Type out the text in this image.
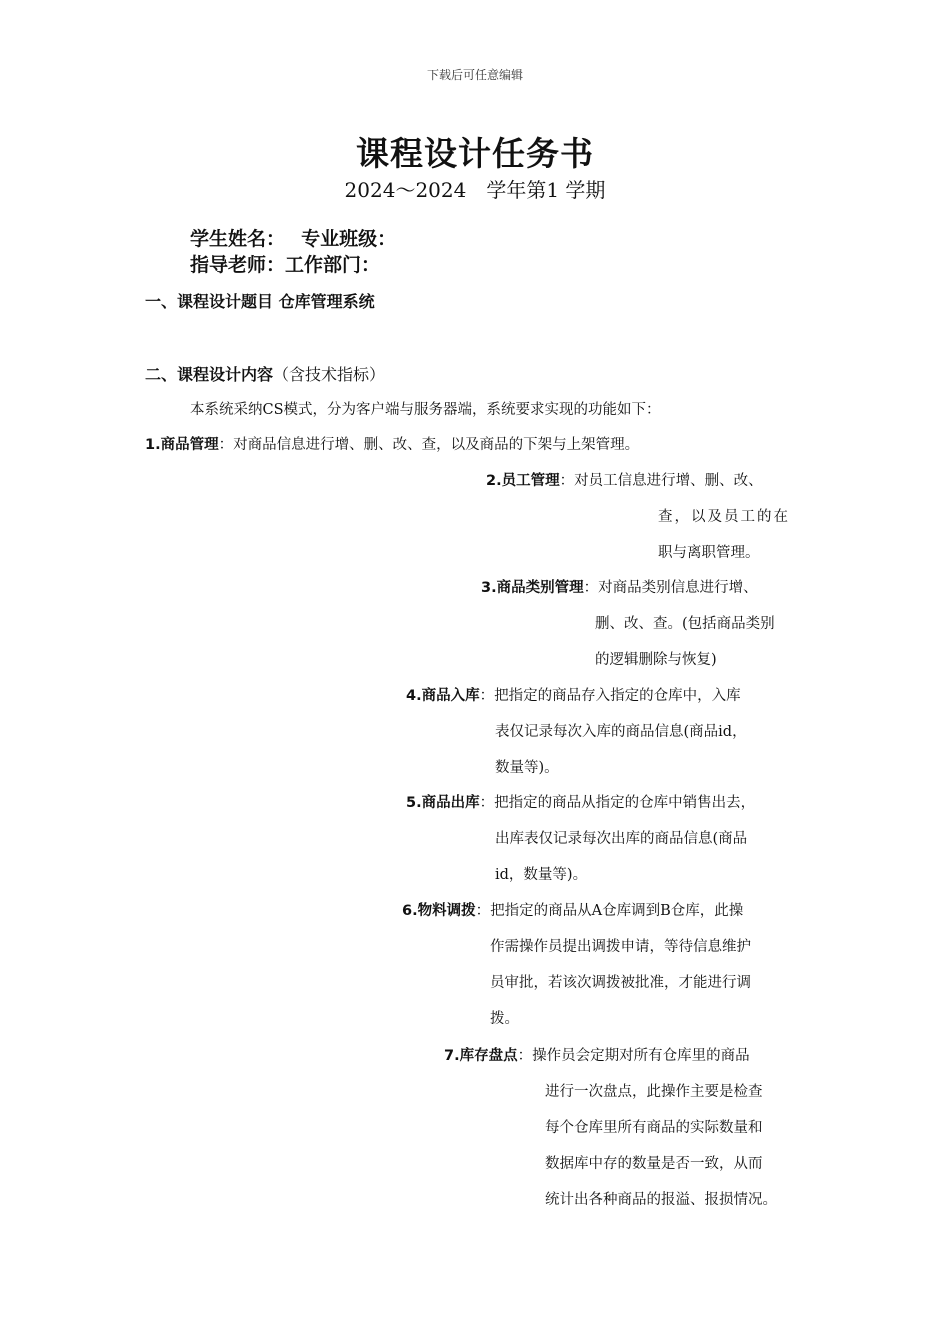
下载后可任意编辑
课程设计任务书
2024～2024　学年第1 学期
学生姓名：　 专业班级：
指导老师：工作部门：
一、课程设计题目 仓库管理系统
二、课程设计内容（含技术指标）
本系统采纳CS模式，分为客户端与服务器端，系统要求实现的功能如下：
1.商品管理：对商品信息进行增、删、改、查，以及商品的下架与上架管理。
2.员工管理：对员工信息进行增、删、改、
查，以及员工的在
职与离职管理。
3.商品类别管理：对商品类别信息进行增、
删、改、查。(包括商品类别
的逻辑删除与恢复)
4.商品入库：把指定的商品存入指定的仓库中，入库
表仅记录每次入库的商品信息(商品id，
数量等)。
5.商品出库：把指定的商品从指定的仓库中销售出去，
出库表仅记录每次出库的商品信息(商品
id，数量等)。
6.物料调拨：把指定的商品从A仓库调到B仓库，此操
作需操作员提出调拨申请，等待信息维护
员审批，若该次调拨被批准，才能进行调
拨。
7.库存盘点：操作员会定期对所有仓库里的商品
进行一次盘点，此操作主要是检查
每个仓库里所有商品的实际数量和
数据库中存的数量是否一致，从而
统计出各种商品的报溢、报损情况。
